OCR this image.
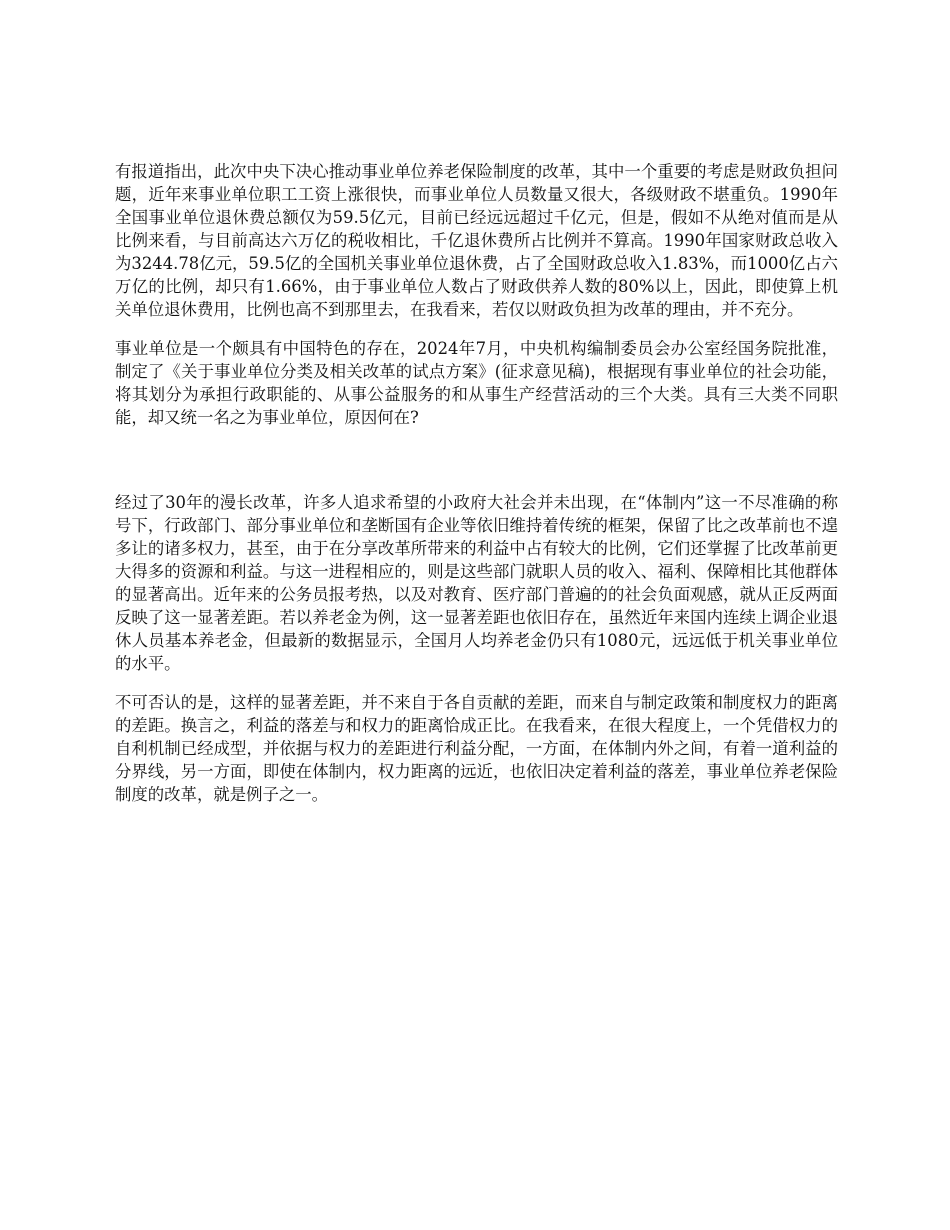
有报道指出，此次中央下决心推动事业单位养老保险制度的改革，其中一个重要的考虑是财政负担问题，近年来事业单位职工工资上涨很快，而事业单位人员数量又很大，各级财政不堪重负。1990年全国事业单位退休费总额仅为59.5亿元，目前已经远远超过千亿元，但是，假如不从绝对值而是从比例来看，与目前高达六万亿的税收相比，千亿退休费所占比例并不算高。1990年国家财政总收入为3244.78亿元，59.5亿的全国机关事业单位退休费，占了全国财政总收入1.83%，而1000亿占六万亿的比例，却只有1.66%，由于事业单位人数占了财政供养人数的80%以上，因此，即使算上机关单位退休费用，比例也高不到那里去，在我看来，若仅以财政负担为改革的理由，并不充分。

事业单位是一个颇具有中国特色的存在，2024年7月，中央机构编制委员会办公室经国务院批准，制定了《关于事业单位分类及相关改革的试点方案》(征求意见稿)，根据现有事业单位的社会功能，将其划分为承担行政职能的、从事公益服务的和从事生产经营活动的三个大类。具有三大类不同职能，却又统一名之为事业单位，原因何在?

经过了30年的漫长改革，许多人追求希望的小政府大社会并未出现，在“体制内”这一不尽准确的称号下，行政部门、部分事业单位和垄断国有企业等依旧维持着传统的框架，保留了比之改革前也不遑多让的诸多权力，甚至，由于在分享改革所带来的利益中占有较大的比例，它们还掌握了比改革前更大得多的资源和利益。与这一进程相应的，则是这些部门就职人员的收入、福利、保障相比其他群体的显著高出。近年来的公务员报考热，以及对教育、医疗部门普遍的的社会负面观感，就从正反两面反映了这一显著差距。若以养老金为例，这一显著差距也依旧存在，虽然近年来国内连续上调企业退休人员基本养老金，但最新的数据显示，全国月人均养老金仍只有1080元，远远低于机关事业单位的水平。

不可否认的是，这样的显著差距，并不来自于各自贡献的差距，而来自与制定政策和制度权力的距离的差距。换言之，利益的落差与和权力的距离恰成正比。在我看来，在很大程度上，一个凭借权力的自利机制已经成型，并依据与权力的差距进行利益分配，一方面，在体制内外之间，有着一道利益的分界线，另一方面，即使在体制内，权力距离的远近，也依旧决定着利益的落差，事业单位养老保险制度的改革，就是例子之一。
